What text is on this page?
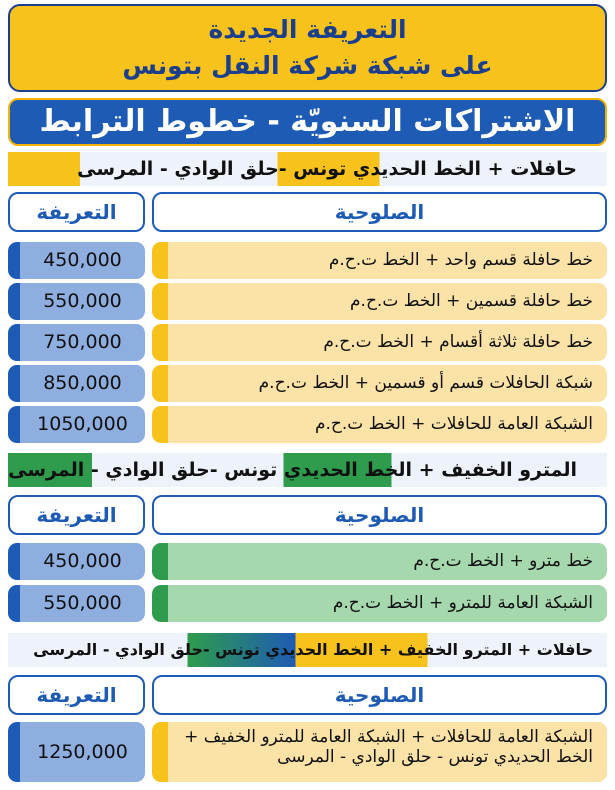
التعريفة الجديدة
على شبكة شركة النقل بتونس
الاشتراكات السنويّة - خطوط الترابط
حافلات + الخط الحديدي تونس -حلق الوادي - المرسى
الصلوحية
التعريفة
خط حافلة قسم واحد + الخط ت.ح.م
450,000
خط حافلة قسمين + الخط ت.ح.م
550,000
خط حافلة ثلاثة أقسام + الخط ت.ح.م
750,000
شبكة الحافلات قسم أو قسمين + الخط ت.ح.م
850,000
الشبكة العامة للحافلات + الخط ت.ح.م
1050,000
المترو الخفيف + الخط الحديدي تونس -حلق الوادي - المرسى
الصلوحية
التعريفة
خط مترو + الخط ت.ح.م
450,000
الشبكة العامة للمترو + الخط ت.ح.م
550,000
حافلات + المترو الخفيف + الخط الحديدي تونس -حلق الوادي - المرسى
الصلوحية
التعريفة
الشبكة العامة للحافلات + الشبكة العامة للمترو الخفيف + الخط الحديدي تونس - حلق الوادي - المرسى
1250,000
